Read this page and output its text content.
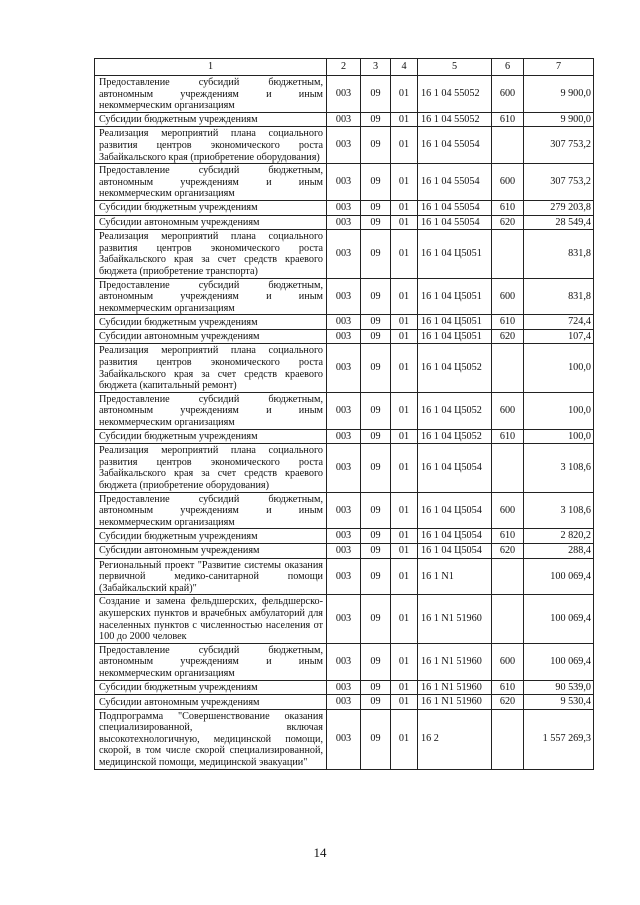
1	2	3	4	5	6	7
Предоставление субсидий бюджетным, автономным учреждениям и иным некоммерческим организациям	003	09	01	16 1 04 55052	600	9 900,0
Субсидии бюджетным учреждениям	003	09	01	16 1 04 55052	610	9 900,0
Реализация мероприятий плана социального развития центров экономического роста Забайкальского края (приобретение оборудования)	003	09	01	16 1 04 55054		307 753,2
Предоставление субсидий бюджетным, автономным учреждениям и иным некоммерческим организациям	003	09	01	16 1 04 55054	600	307 753,2
Субсидии бюджетным учреждениям	003	09	01	16 1 04 55054	610	279 203,8
Субсидии автономным учреждениям	003	09	01	16 1 04 55054	620	28 549,4
Реализация мероприятий плана социального развития центров экономического роста Забайкальского края за счет средств краевого бюджета (приобретение транспорта)	003	09	01	16 1 04 Ц5051		831,8
Предоставление субсидий бюджетным, автономным учреждениям и иным некоммерческим организациям	003	09	01	16 1 04 Ц5051	600	831,8
Субсидии бюджетным учреждениям	003	09	01	16 1 04 Ц5051	610	724,4
Субсидии автономным учреждениям	003	09	01	16 1 04 Ц5051	620	107,4
Реализация мероприятий плана социального развития центров экономического роста Забайкальского края за счет средств краевого бюджета (капитальный ремонт)	003	09	01	16 1 04 Ц5052		100,0
Предоставление субсидий бюджетным, автономным учреждениям и иным некоммерческим организациям	003	09	01	16 1 04 Ц5052	600	100,0
Субсидии бюджетным учреждениям	003	09	01	16 1 04 Ц5052	610	100,0
Реализация мероприятий плана социального развития центров экономического роста Забайкальского края за счет средств краевого бюджета (приобретение оборудования)	003	09	01	16 1 04 Ц5054		3 108,6
Предоставление субсидий бюджетным, автономным учреждениям и иным некоммерческим организациям	003	09	01	16 1 04 Ц5054	600	3 108,6
Субсидии бюджетным учреждениям	003	09	01	16 1 04 Ц5054	610	2 820,2
Субсидии автономным учреждениям	003	09	01	16 1 04 Ц5054	620	288,4
Региональный проект "Развитие системы оказания первичной медико-санитарной помощи (Забайкальский край)"	003	09	01	16 1 N1		100 069,4
Создание и замена фельдшерских, фельдшерско-акушерских пунктов и врачебных амбулаторий для населенных пунктов с численностью населения от 100 до 2000 человек	003	09	01	16 1 N1 51960		100 069,4
Предоставление субсидий бюджетным, автономным учреждениям и иным некоммерческим организациям	003	09	01	16 1 N1 51960	600	100 069,4
Субсидии бюджетным учреждениям	003	09	01	16 1 N1 51960	610	90 539,0
Субсидии автономным учреждениям	003	09	01	16 1 N1 51960	620	9 530,4
Подпрограмма "Совершенствование оказания специализированной, включая высокотехнологичную, медицинской помощи, скорой, в том числе скорой специализированной, медицинской помощи, медицинской эвакуации"	003	09	01	16 2		1 557 269,3
14
